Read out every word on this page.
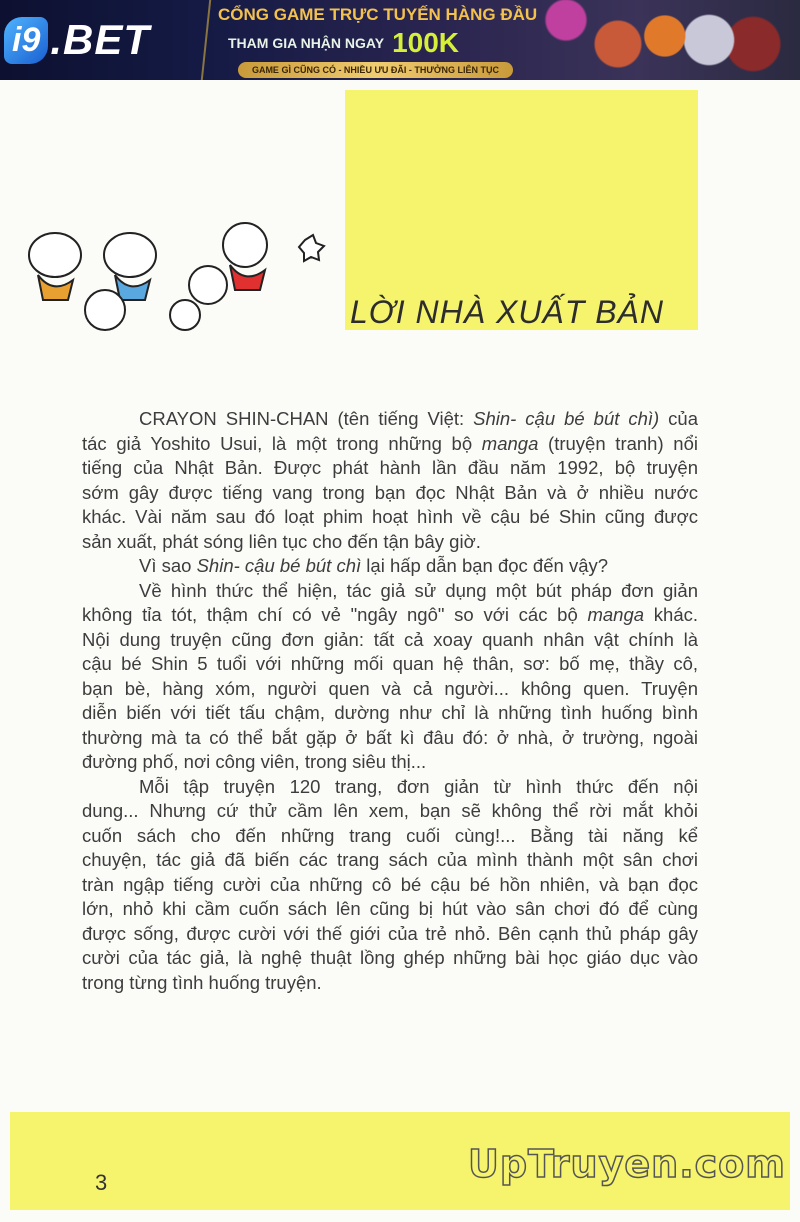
i9 .BET
CỔNG GAME TRỰC TUYẾN HÀNG ĐẦU
THAM GIA NHẬN NGAY 100K
GAME GÌ CŨNG CÓ - NHIỀU ƯU ĐÃI - THƯỞNG LIÊN TỤC
LỜI NHÀ XUẤT BẢN
CRAYON SHIN-CHAN (tên tiếng Việt: Shin- cậu bé bút chì) của
tác giả Yoshito Usui, là một trong những bộ manga (truyện tranh) nổi
tiếng của Nhật Bản. Được phát hành lần đầu năm 1992, bộ truyện
sớm gây được tiếng vang trong bạn đọc Nhật Bản và ở nhiều nước
khác. Vài năm sau đó loạt phim hoạt hình về cậu bé Shin cũng được
sản xuất, phát sóng liên tục cho đến tận bây giờ.
Vì sao Shin- cậu bé bút chì lại hấp dẫn bạn đọc đến vậy?
Về hình thức thể hiện, tác giả sử dụng một bút pháp đơn giản
không tỉa tót, thậm chí có vẻ "ngây ngô" so với các bộ manga khác.
Nội dung truyện cũng đơn giản: tất cả xoay quanh nhân vật chính là
cậu bé Shin 5 tuổi với những mối quan hệ thân, sơ: bố mẹ, thầy cô,
bạn bè, hàng xóm, người quen và cả người... không quen. Truyện
diễn biến với tiết tấu chậm, dường như chỉ là những tình huống bình
thường mà ta có thể bắt gặp ở bất kì đâu đó: ở nhà, ở trường, ngoài
đường phố, nơi công viên, trong siêu thị...
Mỗi tập truyện 120 trang, đơn giản từ hình thức đến nội
dung... Nhưng cứ thử cầm lên xem, bạn sẽ không thể rời mắt khỏi
cuốn sách cho đến những trang cuối cùng!... Bằng tài năng kể
chuyện, tác giả đã biến các trang sách của mình thành một sân chơi
tràn ngập tiếng cười của những cô bé cậu bé hồn nhiên, và bạn đọc
lớn, nhỏ khi cầm cuốn sách lên cũng bị hút vào sân chơi đó để cùng
được sống, được cười với thế giới của trẻ nhỏ. Bên cạnh thủ pháp gây
cười của tác giả, là nghệ thuật lồng ghép những bài học giáo dục vào
trong từng tình huống truyện.
3	UpTruyen.com
